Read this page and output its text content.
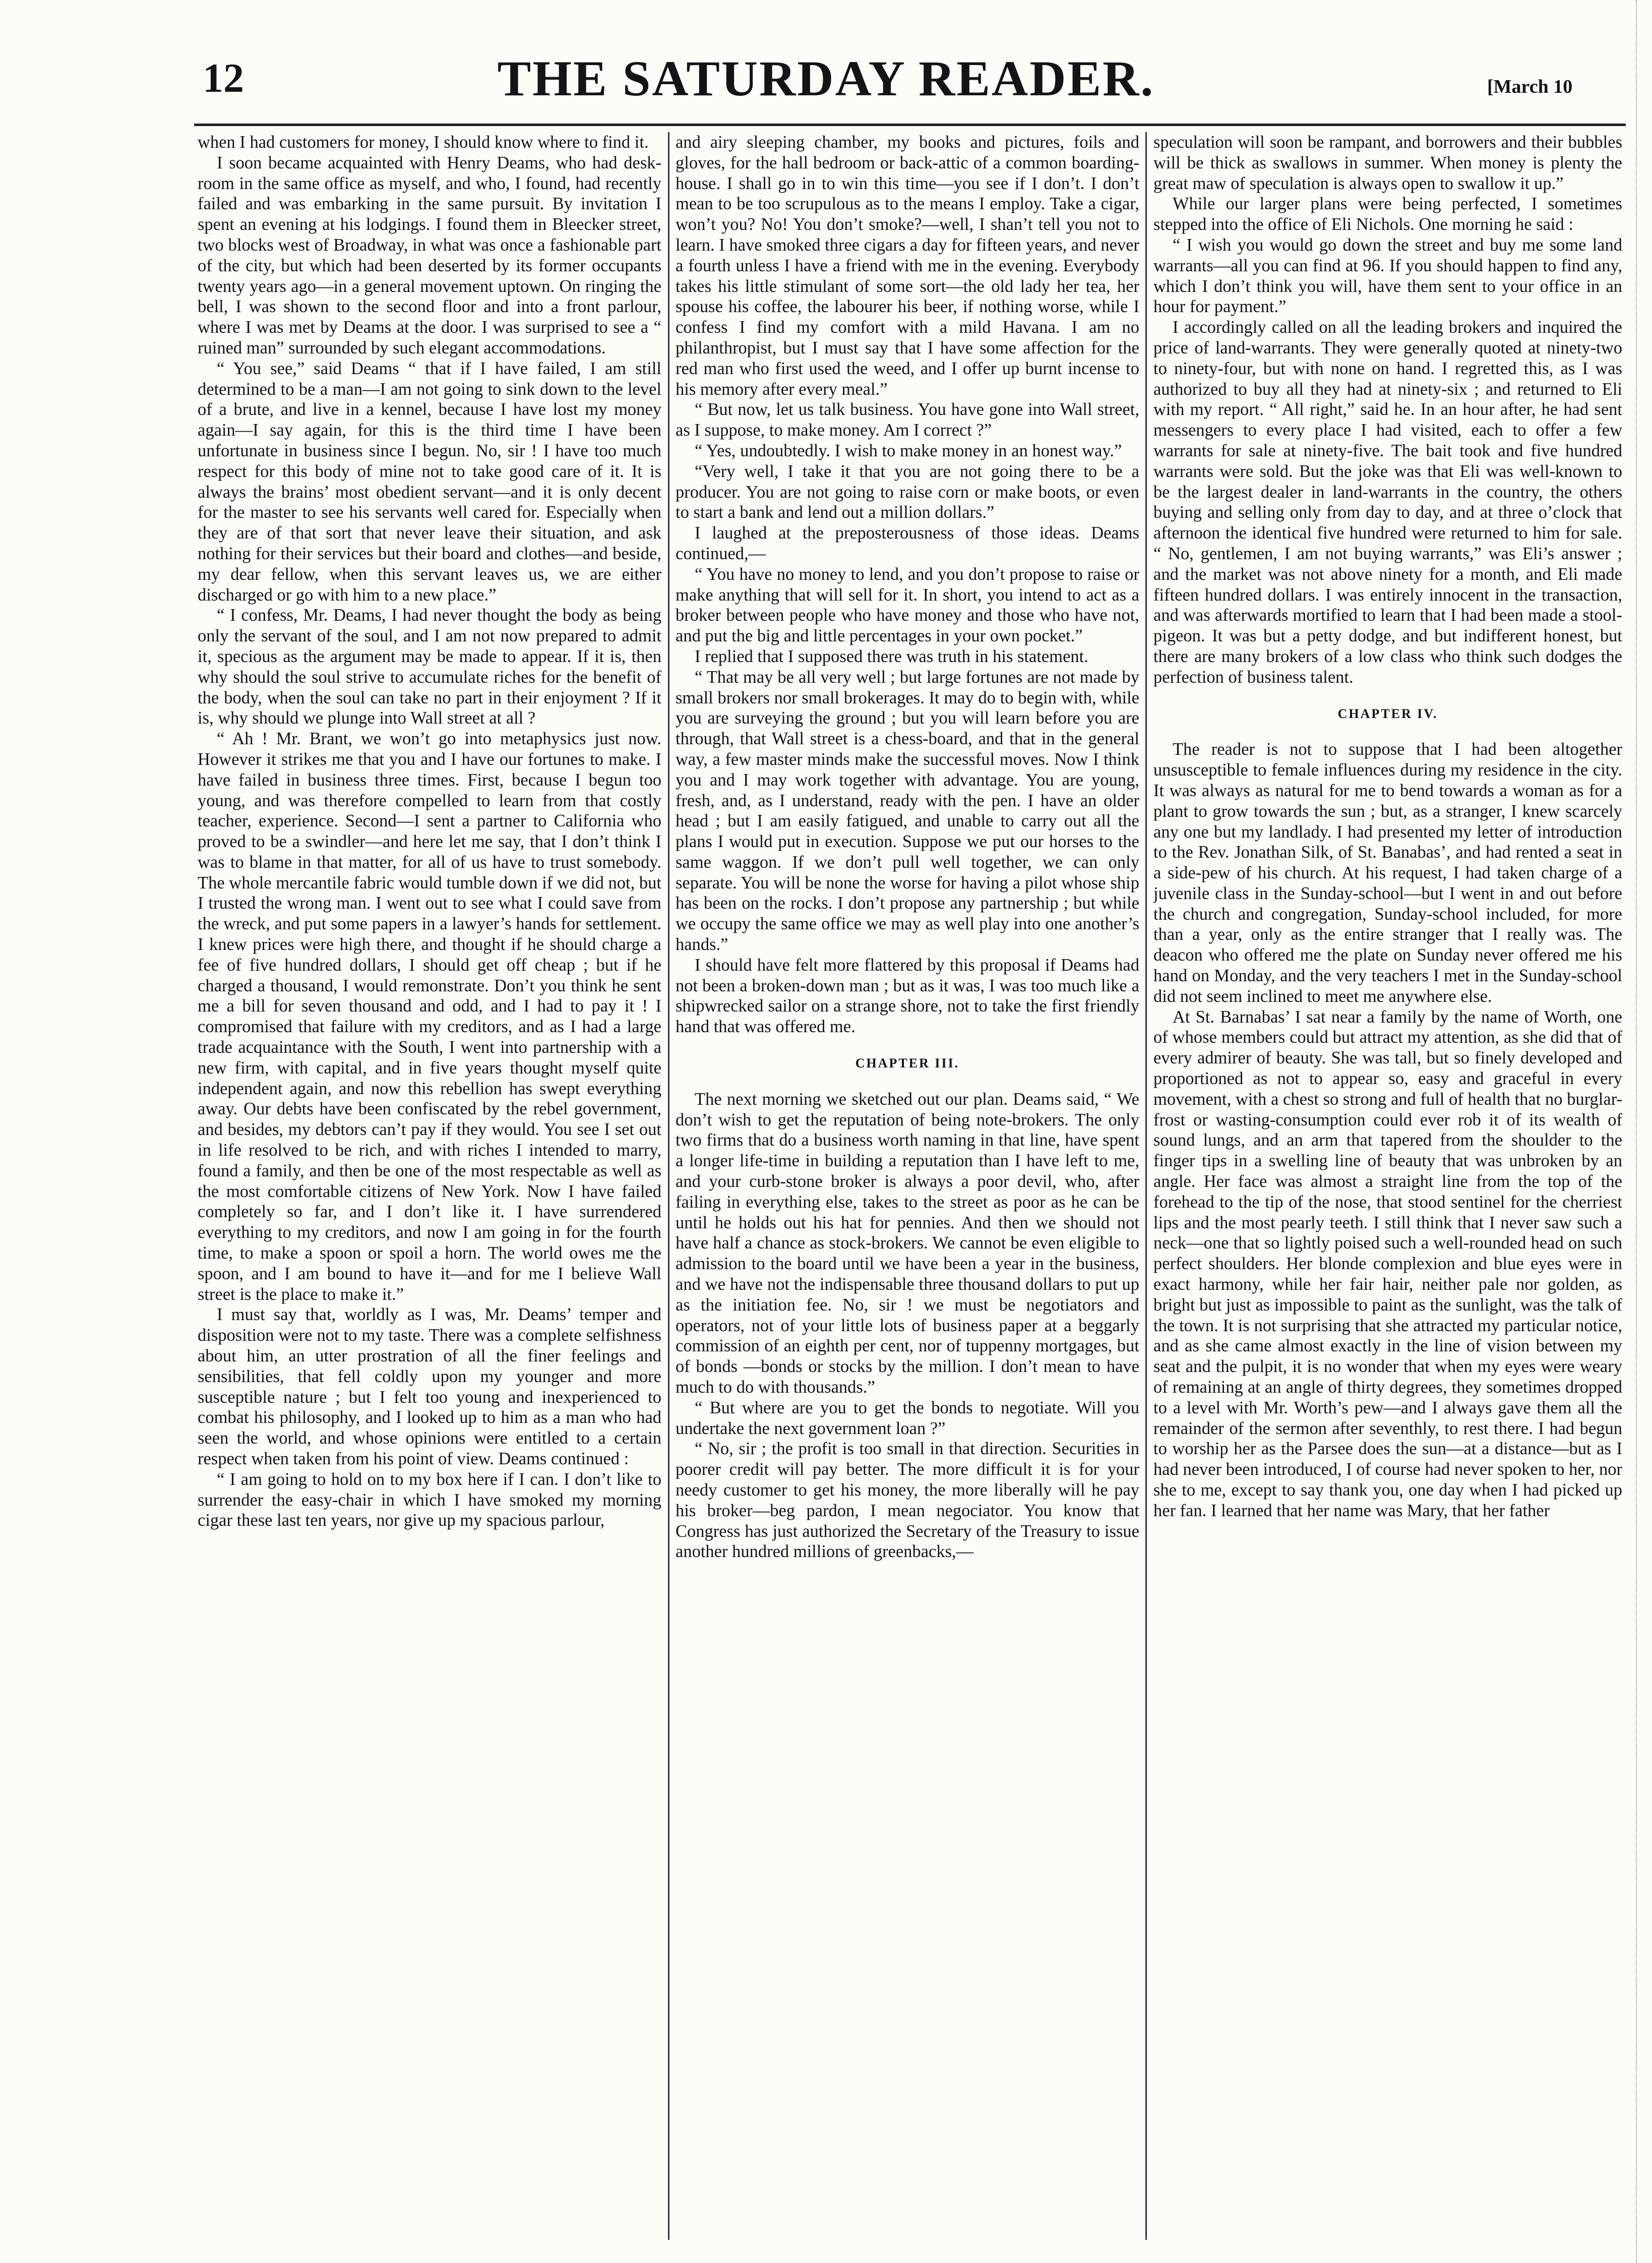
12	THE SATURDAY READER.	[March 10

when I had customers for money, I should know where to find it.

I soon became acquainted with Henry Deams, who had desk-room in the same office as myself, and who, I found, had recently failed and was embarking in the same pursuit. By invitation I spent an evening at his lodgings. I found them in Bleecker street, two blocks west of Broadway, in what was once a fashionable part of the city, but which had been deserted by its former occupants twenty years ago—in a general movement uptown. On ringing the bell, I was shown to the second floor and into a front parlour, where I was met by Deams at the door. I was surprised to see a “ ruined man” surrounded by such elegant accommodations.

“ You see,” said Deams “ that if I have failed, I am still determined to be a man—I am not going to sink down to the level of a brute, and live in a kennel, because I have lost my money again—I say again, for this is the third time I have been unfortunate in business since I begun. No, sir ! I have too much respect for this body of mine not to take good care of it. It is always the brains’ most obedient servant—and it is only decent for the master to see his servants well cared for. Especially when they are of that sort that never leave their situation, and ask nothing for their services but their board and clothes—and beside, my dear fellow, when this servant leaves us, we are either discharged or go with him to a new place.”

“ I confess, Mr. Deams, I had never thought the body as being only the servant of the soul, and I am not now prepared to admit it, specious as the argument may be made to appear. If it is, then why should the soul strive to accumulate riches for the benefit of the body, when the soul can take no part in their enjoyment ? If it is, why should we plunge into Wall street at all ?

“ Ah ! Mr. Brant, we won’t go into metaphysics just now. However it strikes me that you and I have our fortunes to make. I have failed in business three times. First, because I begun too young, and was therefore compelled to learn from that costly teacher, experience. Second—I sent a partner to California who proved to be a swindler—and here let me say, that I don’t think I was to blame in that matter, for all of us have to trust somebody. The whole mercantile fabric would tumble down if we did not, but I trusted the wrong man. I went out to see what I could save from the wreck, and put some papers in a lawyer’s hands for settlement. I knew prices were high there, and thought if he should charge a fee of five hundred dollars, I should get off cheap ; but if he charged a thousand, I would remonstrate. Don’t you think he sent me a bill for seven thousand and odd, and I had to pay it ! I compromised that failure with my creditors, and as I had a large trade acquaintance with the South, I went into partnership with a new firm, with capital, and in five years thought myself quite independent again, and now this rebellion has swept everything away. Our debts have been confiscated by the rebel government, and besides, my debtors can’t pay if they would. You see I set out in life resolved to be rich, and with riches I intended to marry, found a family, and then be one of the most respectable as well as the most comfortable citizens of New York. Now I have failed completely so far, and I don’t like it. I have surrendered everything to my creditors, and now I am going in for the fourth time, to make a spoon or spoil a horn. The world owes me the spoon, and I am bound to have it—and for me I believe Wall street is the place to make it.”

I must say that, worldly as I was, Mr. Deams’ temper and disposition were not to my taste. There was a complete selfishness about him, an utter prostration of all the finer feelings and sensibilities, that fell coldly upon my younger and more susceptible nature ; but I felt too young and inexperienced to combat his philosophy, and I looked up to him as a man who had seen the world, and whose opinions were entitled to a certain respect when taken from his point of view. Deams continued :

“ I am going to hold on to my box here if I can. I don’t like to surrender the easy-chair in which I have smoked my morning cigar these last ten years, nor give up my spacious parlour,

and airy sleeping chamber, my books and pictures, foils and gloves, for the hall bedroom or back-attic of a common boarding-house. I shall go in to win this time—you see if I don’t. I don’t mean to be too scrupulous as to the means I employ. Take a cigar, won’t you? No! You don’t smoke?—well, I shan’t tell you not to learn. I have smoked three cigars a day for fifteen years, and never a fourth unless I have a friend with me in the evening. Everybody takes his little stimulant of some sort—the old lady her tea, her spouse his coffee, the labourer his beer, if nothing worse, while I confess I find my comfort with a mild Havana. I am no philanthropist, but I must say that I have some affection for the red man who first used the weed, and I offer up burnt incense to his memory after every meal.”

“ But now, let us talk business. You have gone into Wall street, as I suppose, to make money. Am I correct ?”

“ Yes, undoubtedly. I wish to make money in an honest way.”

“Very well, I take it that you are not going there to be a producer. You are not going to raise corn or make boots, or even to start a bank and lend out a million dollars.”

I laughed at the preposterousness of those ideas. Deams continued,—

“ You have no money to lend, and you don’t propose to raise or make anything that will sell for it. In short, you intend to act as a broker between people who have money and those who have not, and put the big and little percentages in your own pocket.”

I replied that I supposed there was truth in his statement.

“ That may be all very well ; but large fortunes are not made by small brokers nor small brokerages. It may do to begin with, while you are surveying the ground ; but you will learn before you are through, that Wall street is a chess-board, and that in the general way, a few master minds make the successful moves. Now I think you and I may work together with advantage. You are young, fresh, and, as I understand, ready with the pen. I have an older head ; but I am easily fatigued, and unable to carry out all the plans I would put in execution. Suppose we put our horses to the same waggon. If we don’t pull well together, we can only separate. You will be none the worse for having a pilot whose ship has been on the rocks. I don’t propose any partnership ; but while we occupy the same office we may as well play into one another’s hands.”

I should have felt more flattered by this proposal if Deams had not been a broken-down man ; but as it was, I was too much like a shipwrecked sailor on a strange shore, not to take the first friendly hand that was offered me.

CHAPTER III.

The next morning we sketched out our plan. Deams said, “ We don’t wish to get the reputation of being note-brokers. The only two firms that do a business worth naming in that line, have spent a longer life-time in building a reputation than I have left to me, and your curb-stone broker is always a poor devil, who, after failing in everything else, takes to the street as poor as he can be until he holds out his hat for pennies. And then we should not have half a chance as stock-brokers. We cannot be even eligible to admission to the board until we have been a year in the business, and we have not the indispensable three thousand dollars to put up as the initiation fee. No, sir ! we must be negotiators and operators, not of your little lots of business paper at a beggarly commission of an eighth per cent, nor of tuppenny mortgages, but of bonds —bonds or stocks by the million. I don’t mean to have much to do with thousands.”

“ But where are you to get the bonds to negotiate. Will you undertake the next government loan ?”

“ No, sir ; the profit is too small in that direction. Securities in poorer credit will pay better. The more difficult it is for your needy customer to get his money, the more liberally will he pay his broker—beg pardon, I mean negociator. You know that Congress has just authorized the Secretary of the Treasury to issue another hundred millions of greenbacks,—

speculation will soon be rampant, and borrowers and their bubbles will be thick as swallows in summer. When money is plenty the great maw of speculation is always open to swallow it up.”

While our larger plans were being perfected, I sometimes stepped into the office of Eli Nichols. One morning he said :

“ I wish you would go down the street and buy me some land warrants—all you can find at 96. If you should happen to find any, which I don’t think you will, have them sent to your office in an hour for payment.”

I accordingly called on all the leading brokers and inquired the price of land-warrants. They were generally quoted at ninety-two to ninety-four, but with none on hand. I regretted this, as I was authorized to buy all they had at ninety-six ; and returned to Eli with my report. “ All right,” said he. In an hour after, he had sent messengers to every place I had visited, each to offer a few warrants for sale at ninety-five. The bait took and five hundred warrants were sold. But the joke was that Eli was well-known to be the largest dealer in land-warrants in the country, the others buying and selling only from day to day, and at three o’clock that afternoon the identical five hundred were returned to him for sale. “ No, gentlemen, I am not buying warrants,” was Eli’s answer ; and the market was not above ninety for a month, and Eli made fifteen hundred dollars. I was entirely innocent in the transaction, and was afterwards mortified to learn that I had been made a stool-pigeon. It was but a petty dodge, and but indifferent honest, but there are many brokers of a low class who think such dodges the perfection of business talent.

CHAPTER IV.

The reader is not to suppose that I had been altogether unsusceptible to female influences during my residence in the city. It was always as natural for me to bend towards a woman as for a plant to grow towards the sun ; but, as a stranger, I knew scarcely any one but my landlady. I had presented my letter of introduction to the Rev. Jonathan Silk, of St. Banabas’, and had rented a seat in a side-pew of his church. At his request, I had taken charge of a juvenile class in the Sunday-school—but I went in and out before the church and congregation, Sunday-school included, for more than a year, only as the entire stranger that I really was. The deacon who offered me the plate on Sunday never offered me his hand on Monday, and the very teachers I met in the Sunday-school did not seem inclined to meet me anywhere else.

At St. Barnabas’ I sat near a family by the name of Worth, one of whose members could but attract my attention, as she did that of every admirer of beauty. She was tall, but so finely developed and proportioned as not to appear so, easy and graceful in every movement, with a chest so strong and full of health that no burglar-frost or wasting-consumption could ever rob it of its wealth of sound lungs, and an arm that tapered from the shoulder to the finger tips in a swelling line of beauty that was unbroken by an angle. Her face was almost a straight line from the top of the forehead to the tip of the nose, that stood sentinel for the cherriest lips and the most pearly teeth. I still think that I never saw such a neck—one that so lightly poised such a well-rounded head on such perfect shoulders. Her blonde complexion and blue eyes were in exact harmony, while her fair hair, neither pale nor golden, as bright but just as impossible to paint as the sunlight, was the talk of the town. It is not surprising that she attracted my particular notice, and as she came almost exactly in the line of vision between my seat and the pulpit, it is no wonder that when my eyes were weary of remaining at an angle of thirty degrees, they sometimes dropped to a level with Mr. Worth’s pew—and I always gave them all the remainder of the sermon after seventhly, to rest there. I had begun to worship her as the Parsee does the sun—at a distance—but as I had never been introduced, I of course had never spoken to her, nor she to me, except to say thank you, one day when I had picked up her fan. I learned that her name was Mary, that her father
